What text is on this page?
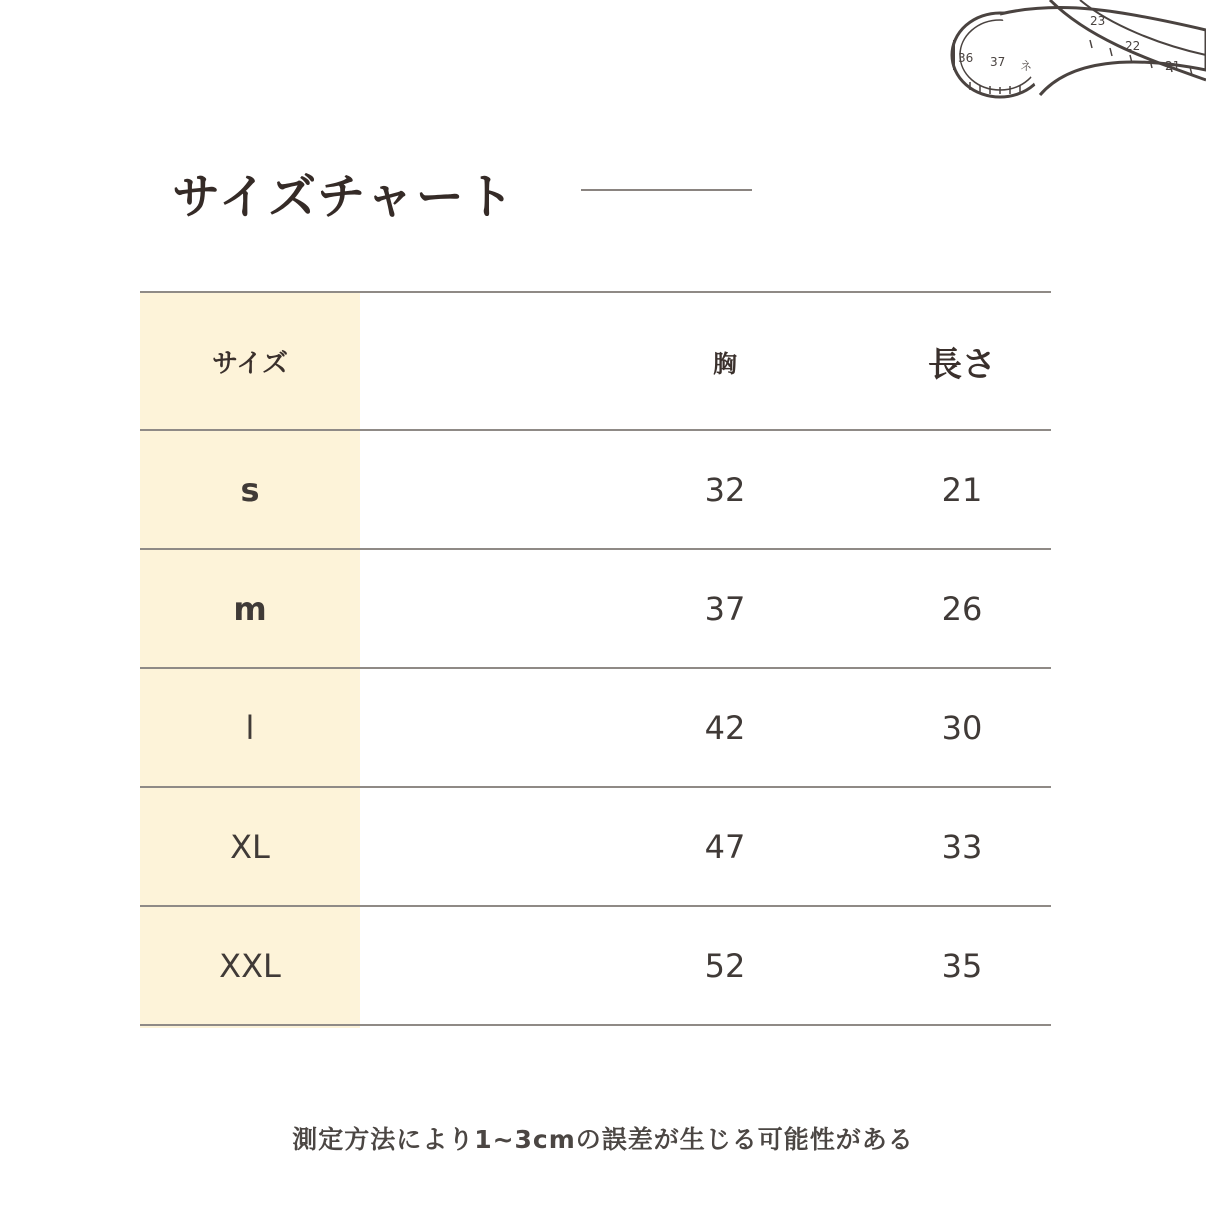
36 37 ネ
23
22
21
サイズチャート
サイズ	胸	長さ
s	32	21
m	37	26
l	42	30
XL	47	33
XXL	52	35
測定方法により1~3cmの誤差が生じる可能性がある
